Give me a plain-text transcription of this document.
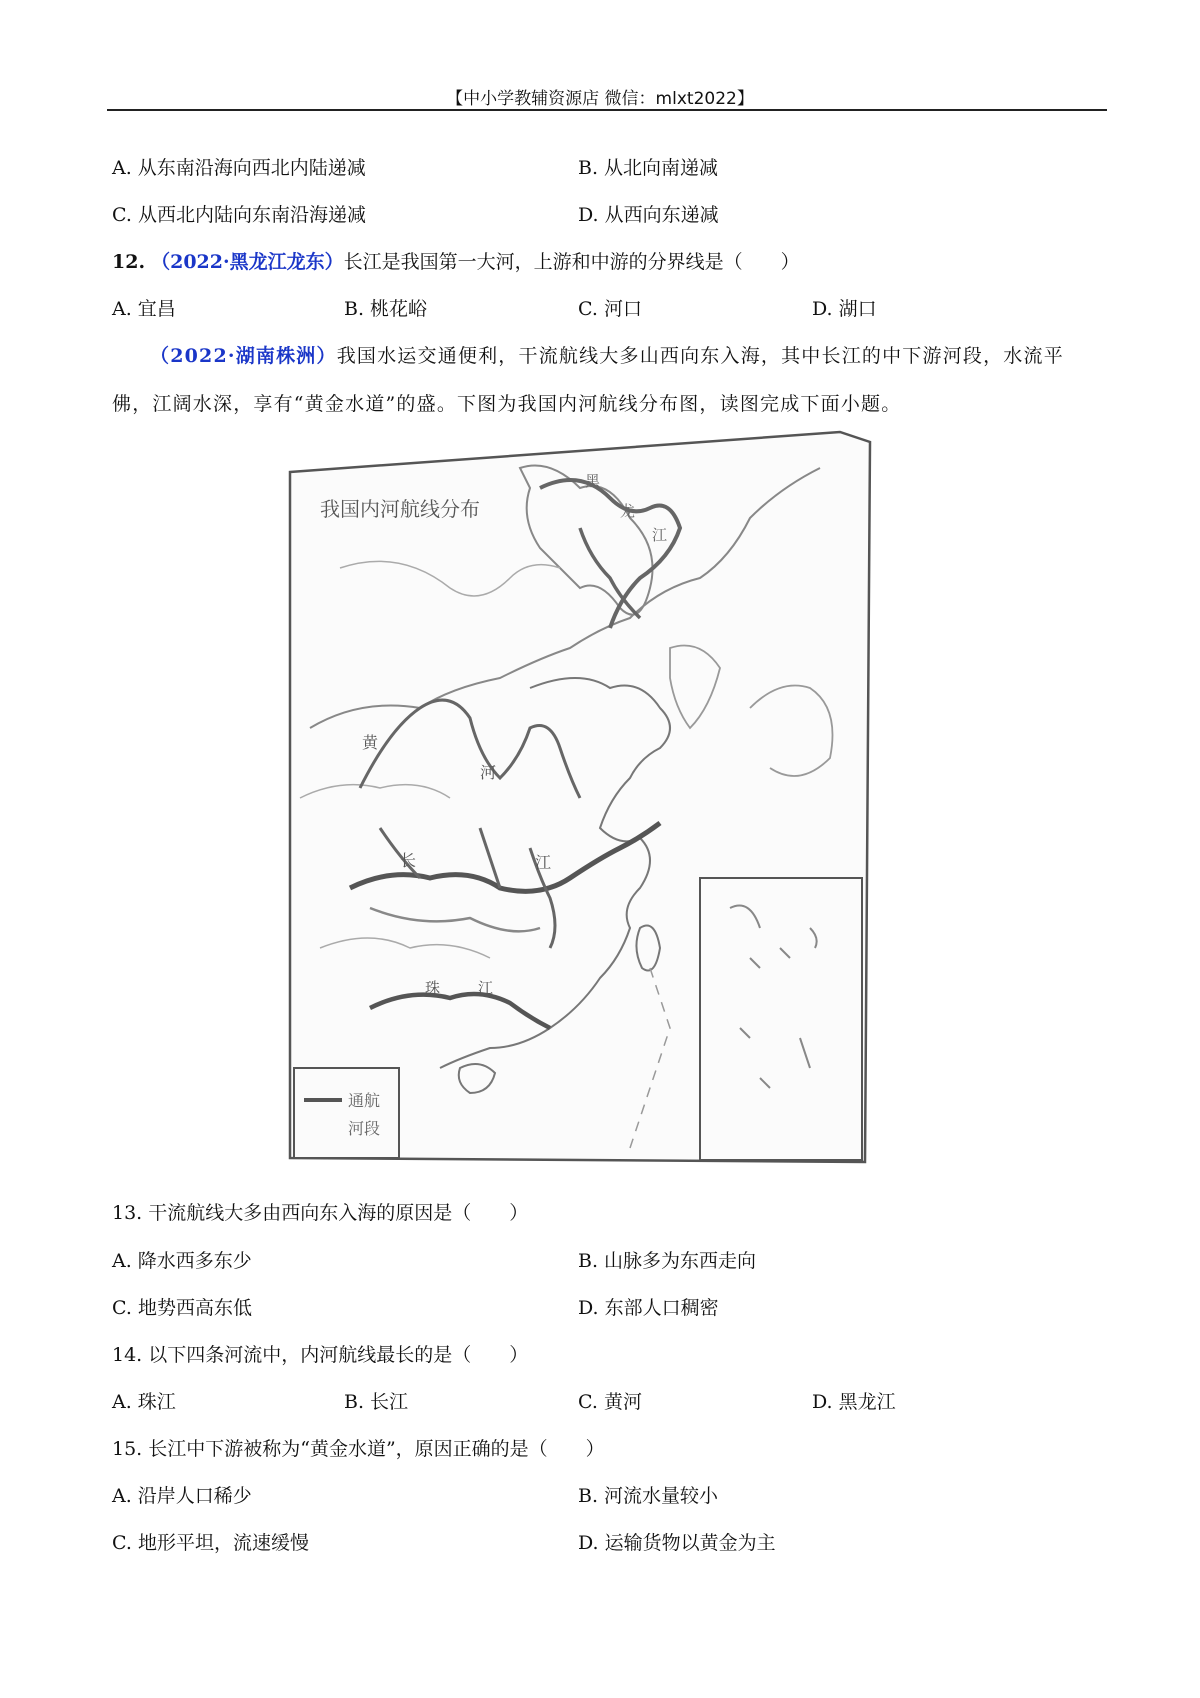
【中小学教辅资源店 微信：mlxt2022】
A. 从东南沿海向西北内陆递减	B. 从北向南递减
C. 从西北内陆向东南沿海递减	D. 从西向东递减
12. （2022·黑龙江龙东）长江是我国第一大河，上游和中游的分界线是（　　）
A. 宜昌	B. 桃花峪	C. 河口	D. 湖口
（2022·湖南株洲）我国水运交通便利，干流航线大多山西向东入海，其中长江的中下游河段，水流平
佛，江阔水深，享有“黄金水道”的盛。下图为我国内河航线分布图，读图完成下面小题。
我国内河航线分布
通航
河段
黑
龙
江
黄
河
长	江
珠	江
13. 干流航线大多由西向东入海的原因是（　　）
A. 降水西多东少	B. 山脉多为东西走向
C. 地势西高东低	D. 东部人口稠密
14. 以下四条河流中，内河航线最长的是（　　）
A. 珠江	B. 长江	C. 黄河	D. 黑龙江
15. 长江中下游被称为“黄金水道”，原因正确的是（　　）
A. 沿岸人口稀少	B. 河流水量较小
C. 地形平坦，流速缓慢	D. 运输货物以黄金为主
